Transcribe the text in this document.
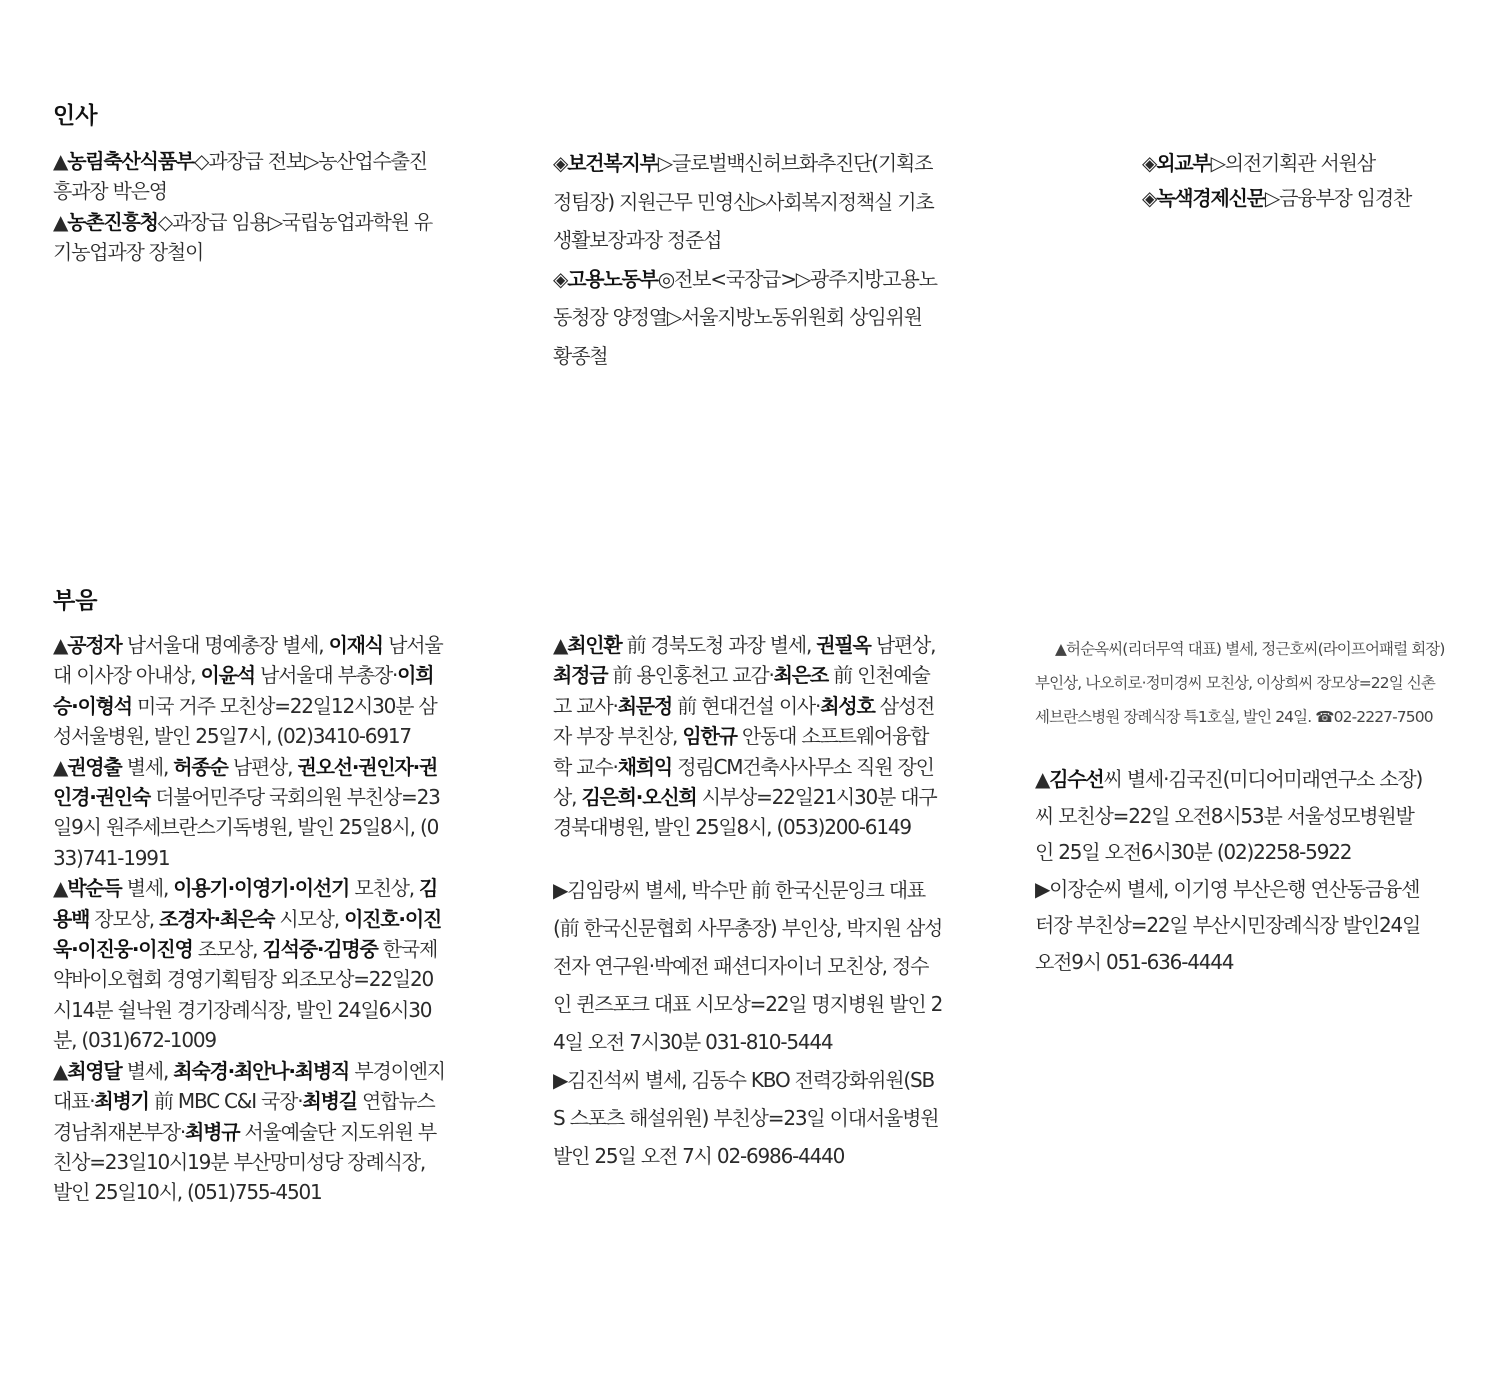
인사

▲농림축산식품부◇과장급 전보▷농산업수출진흥과장 박은영

▲농촌진흥청◇과장급 임용▷국립농업과학원 유기농업과장 장철이

◈보건복지부▷글로벌백신허브화추진단(기획조정팀장) 지원근무 민영신▷사회복지정책실 기초생활보장과장 정준섭

◈고용노동부◎전보<국장급>▷광주지방고용노동청장 양정열▷서울지방노동위원회 상임위원 황종철

◈외교부▷의전기획관 서원삼

◈녹색경제신문▷금융부장 임경찬

부음

▲공정자 남서울대 명예총장 별세, 이재식 남서울대 이사장 아내상, 이윤석 남서울대 부총장·이희승·이형석 미국 거주 모친상=22일12시30분 삼성서울병원, 발인 25일7시, (02)3410-6917

▲권영출 별세, 허종순 남편상, 권오선·권인자·권인경·권인숙 더불어민주당 국회의원 부친상=23일9시 원주세브란스기독병원, 발인 25일8시, (033)741-1991

▲박순득 별세, 이용기·이영기·이선기 모친상, 김용백 장모상, 조경자·최은숙 시모상, 이진호·이진욱·이진웅·이진영 조모상, 김석중·김명중 한국제약바이오협회 경영기획팀장 외조모상=22일20시14분 쉴낙원 경기장례식장, 발인 24일6시30분, (031)672-1009

▲최영달 별세, 최숙경·최안나·최병직 부경이엔지 대표·최병기 前 MBC C&I 국장·최병길 연합뉴스 경남취재본부장·최병규 서울예술단 지도위원 부친상=23일10시19분 부산망미성당 장례식장, 발인 25일10시, (051)755-4501

▲최인환 前 경북도청 과장 별세, 권필옥 남편상, 최정금 前 용인홍천고 교감·최은조 前 인천예술고 교사·최문정 前 현대건설 이사·최성호 삼성전자 부장 부친상, 임한규 안동대 소프트웨어융합학 교수·채희익 정림CM건축사사무소 직원 장인상, 김은희·오신희 시부상=22일21시30분 대구 경북대병원, 발인 25일8시, (053)200-6149

▶김임랑씨 별세, 박수만 前 한국신문잉크 대표(前 한국신문협회 사무총장) 부인상, 박지원 삼성전자 연구원·박예전 패션디자이너 모친상, 정수인 퀸즈포크 대표 시모상=22일 명지병원 발인 24일 오전 7시30분 031-810-5444

▶김진석씨 별세, 김동수 KBO 전력강화위원(SBS 스포츠 해설위원) 부친상=23일 이대서울병원 발인 25일 오전 7시 02-6986-4440

▲허순옥씨(리더무역 대표) 별세, 정근호씨(라이프어패럴 회장) 부인상, 나오히로·정미경씨 모친상, 이상희씨 장모상=22일 신촌세브란스병원 장례식장 특1호실, 발인 24일. ☎02-2227-7500

▲김수선씨 별세·김국진(미디어미래연구소 소장)씨 모친상=22일 오전8시53분 서울성모병원발인 25일 오전6시30분 (02)2258-5922

▶이장순씨 별세, 이기영 부산은행 연산동금융센터장 부친상=22일 부산시민장례식장 발인24일 오전9시 051-636-4444
